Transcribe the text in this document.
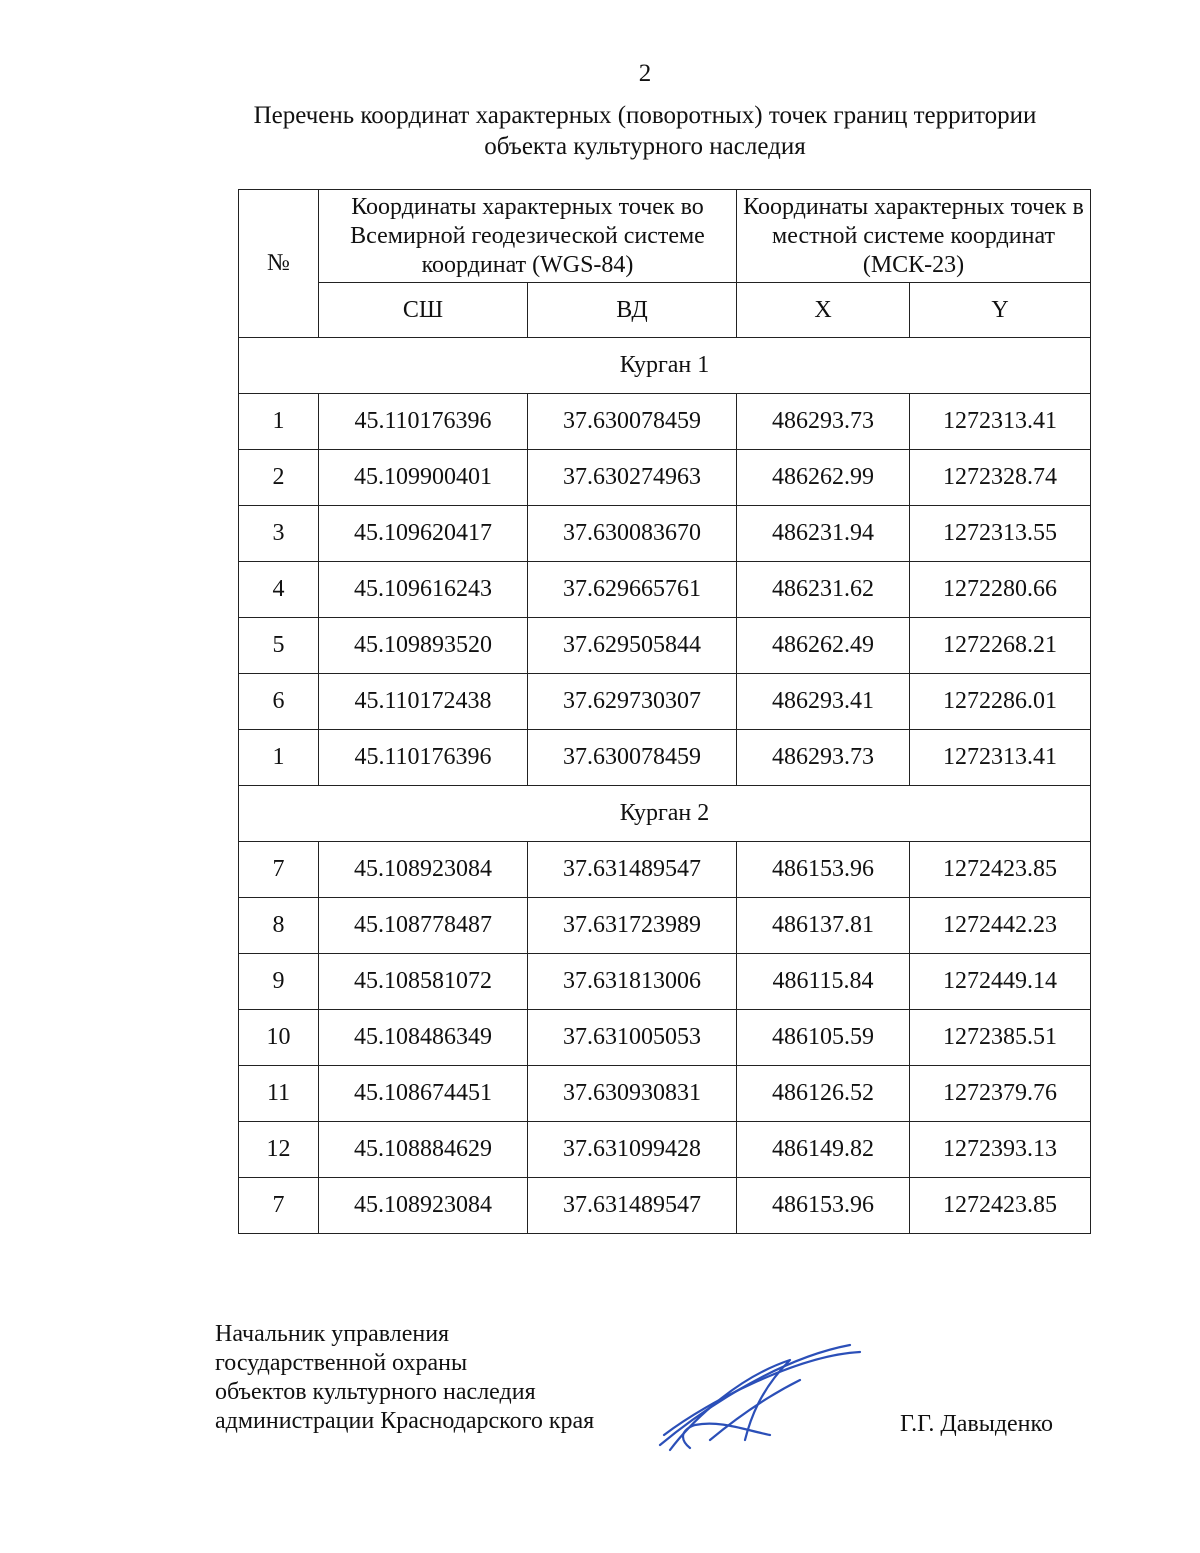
2
Перечень координат характерных (поворотных) точек границ территории
объекта культурного наследия
№	Координаты характерных точек во Всемирной геодезической системе координат (WGS-84)		Координаты характерных точек в местной системе координат (МСК-23)	
	СШ	ВД	X	Y
Курган 1				
1	45.110176396	37.630078459	486293.73	1272313.41
2	45.109900401	37.630274963	486262.99	1272328.74
3	45.109620417	37.630083670	486231.94	1272313.55
4	45.109616243	37.629665761	486231.62	1272280.66
5	45.109893520	37.629505844	486262.49	1272268.21
6	45.110172438	37.629730307	486293.41	1272286.01
1	45.110176396	37.630078459	486293.73	1272313.41
Курган 2				
7	45.108923084	37.631489547	486153.96	1272423.85
8	45.108778487	37.631723989	486137.81	1272442.23
9	45.108581072	37.631813006	486115.84	1272449.14
10	45.108486349	37.631005053	486105.59	1272385.51
11	45.108674451	37.630930831	486126.52	1272379.76
12	45.108884629	37.631099428	486149.82	1272393.13
7	45.108923084	37.631489547	486153.96	1272423.85
Начальник управления
государственной охраны
объектов культурного наследия
администрации Краснодарского края	Г.Г. Давыденко
